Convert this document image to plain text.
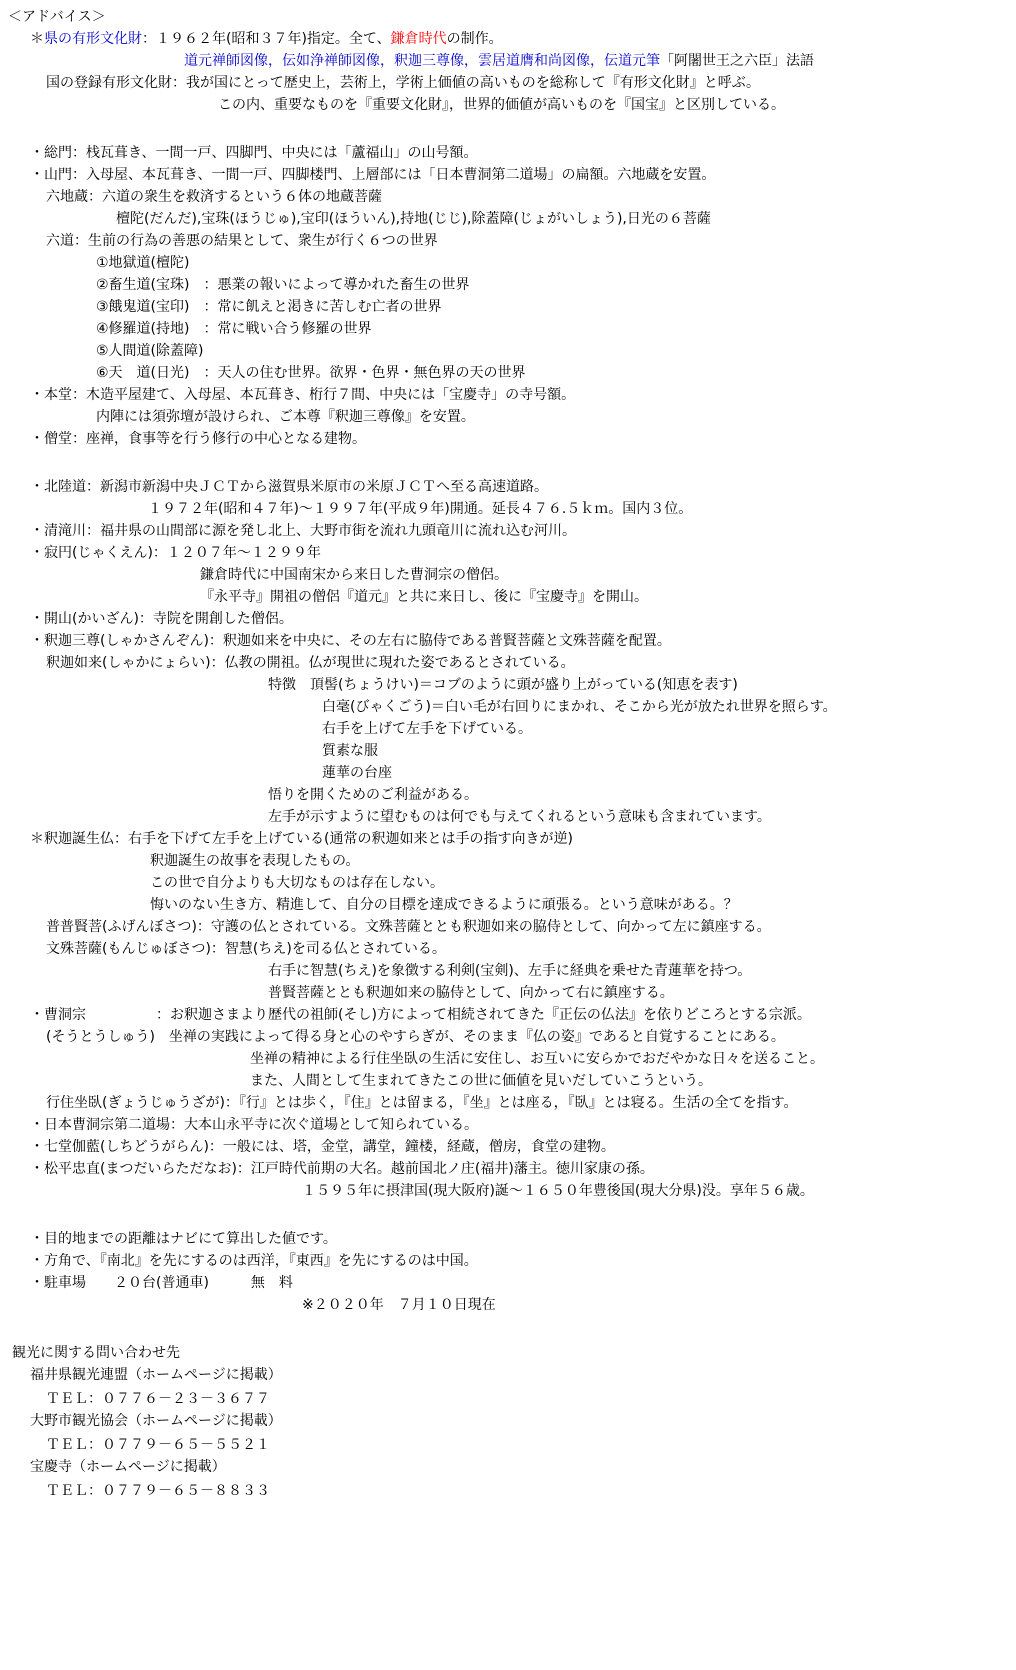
＜アドバイス＞
＊県の有形文化財：１９６２年(昭和３７年)指定。全て、鎌倉時代の制作。
道元禅師図像，伝如浄禅師図像，釈迦三尊像，雲居道膺和尚図像，伝道元筆「阿闍世王之六臣」法語
国の登録有形文化財：我が国にとって歴史上，芸術上，学術上価値の高いものを総称して『有形文化財』と呼ぶ。
この内、重要なものを『重要文化財』，世界的価値が高いものを『国宝』と区別している。
・総門：栈瓦葺き、一間一戸、四脚門、中央には「蘆福山」の山号額。
・山門：入母屋、本瓦葺き、一間一戸、四脚楼門、上層部には「日本曹洞第二道場」の扁額。六地蔵を安置。
六地蔵：六道の衆生を救済するという６体の地蔵菩薩
檀陀(だんだ),宝珠(ほうじゅ),宝印(ほういん),持地(じじ),除蓋障(じょがいしょう),日光の６菩薩
六道：生前の行為の善悪の結果として、衆生が行く６つの世界
①地獄道(檀陀)
②畜生道(宝珠)　：悪業の報いによって導かれた畜生の世界
③餓鬼道(宝印)　：常に飢えと渇きに苦しむ亡者の世界
④修羅道(持地)　：常に戦い合う修羅の世界
⑤人間道(除蓋障)
⑥天　道(日光)　：天人の住む世界。欲界・色界・無色界の天の世界
・本堂：木造平屋建て、入母屋、本瓦葺き、桁行７間、中央には「宝慶寺」の寺号額。
内陣には須弥壇が設けられ、ご本尊『釈迦三尊像』を安置。
・僧堂：座禅，食事等を行う修行の中心となる建物。
・北陸道：新潟市新潟中央ＪＣＴから滋賀県米原市の米原ＪＣＴへ至る高速道路。
１９７２年(昭和４７年)～１９９７年(平成９年)開通。延長４７６.５ｋｍ。国内３位。
・清滝川：福井県の山間部に源を発し北上、大野市街を流れ九頭竜川に流れ込む河川。
・寂円(じゃくえん)：１２０７年～１２９９年
鎌倉時代に中国南宋から来日した曹洞宗の僧侶。
『永平寺』開祖の僧侶『道元』と共に来日し、後に『宝慶寺』を開山。
・開山(かいざん)：寺院を開創した僧侶。
・釈迦三尊(しゃかさんぞん)：釈迦如来を中央に、その左右に脇侍である普賢菩薩と文殊菩薩を配置。
釈迦如来(しゃかにょらい)：仏教の開祖。仏が現世に現れた姿であるとされている。
特徴　頂髻(ちょうけい)＝コブのように頭が盛り上がっている(知恵を表す)
白毫(びゃくごう)＝白い毛が右回りにまかれ、そこから光が放たれ世界を照らす。
右手を上げて左手を下げている。
質素な服
蓮華の台座
悟りを開くためのご利益がある。
左手が示すように望むものは何でも与えてくれるという意味も含まれています。
＊釈迦誕生仏：右手を下げて左手を上げている(通常の釈迦如来とは手の指す向きが逆)
釈迦誕生の故事を表現したもの。
この世で自分よりも大切なものは存在しない。
悔いのない生き方、精進して、自分の目標を達成できるように頑張る。という意味がある。？
普普賢菩(ふげんぼさつ)：守護の仏とされている。文殊菩薩ととも釈迦如来の脇侍として、向かって左に鎮座する。
文殊菩薩(もんじゅぼさつ)：智慧(ちえ)を司る仏とされている。
右手に智慧(ちえ)を象徴する利剣(宝剣)、左手に経典を乗せた青蓮華を持つ。
普賢菩薩ととも釈迦如来の脇侍として、向かって右に鎮座する。
・曹洞宗　　　　　：お釈迦さまより歴代の祖師(そし)方によって相続されてきた『正伝の仏法』を依りどころとする宗派。
(そうとうしゅう)　坐禅の実践によって得る身と心のやすらぎが、そのまま『仏の姿』であると自覚することにある。
坐禅の精神による行住坐臥の生活に安住し、お互いに安らかでおだやかな日々を送ること。
また、人間として生まれてきたこの世に価値を見いだしていこうという。
行住坐臥(ぎょうじゅうざが)：『行』とは歩く，『住』とは留まる，『坐』とは座る，『臥』とは寝る。生活の全てを指す。
・日本曹洞宗第二道場：大本山永平寺に次ぐ道場として知られている。
・七堂伽藍(しちどうがらん)：一般には、塔，金堂，講堂，鐘楼，経蔵，僧房，食堂の建物。
・松平忠直(まつだいらただなお)：江戸時代前期の大名。越前国北ノ庄(福井)藩主。徳川家康の孫。
１５９５年に摂津国(現大阪府)誕～１６５０年豊後国(現大分県)没。享年５６歳。
・目的地までの距離はナビにて算出した値です。
・方角で、『南北』を先にするのは西洋，『東西』を先にするのは中国。
・駐車場　　２０台(普通車)　　　無　料
※２０２０年　７月１０日現在
観光に関する問い合わせ先
福井県観光連盟（ホームページに掲載）
ＴＥＬ：０７７６－２３－３６７７
大野市観光協会（ホームページに掲載）
ＴＥＬ：０７７９－６５－５５２１
宝慶寺（ホームページに掲載）
ＴＥＬ：０７７９－６５－８８３３
